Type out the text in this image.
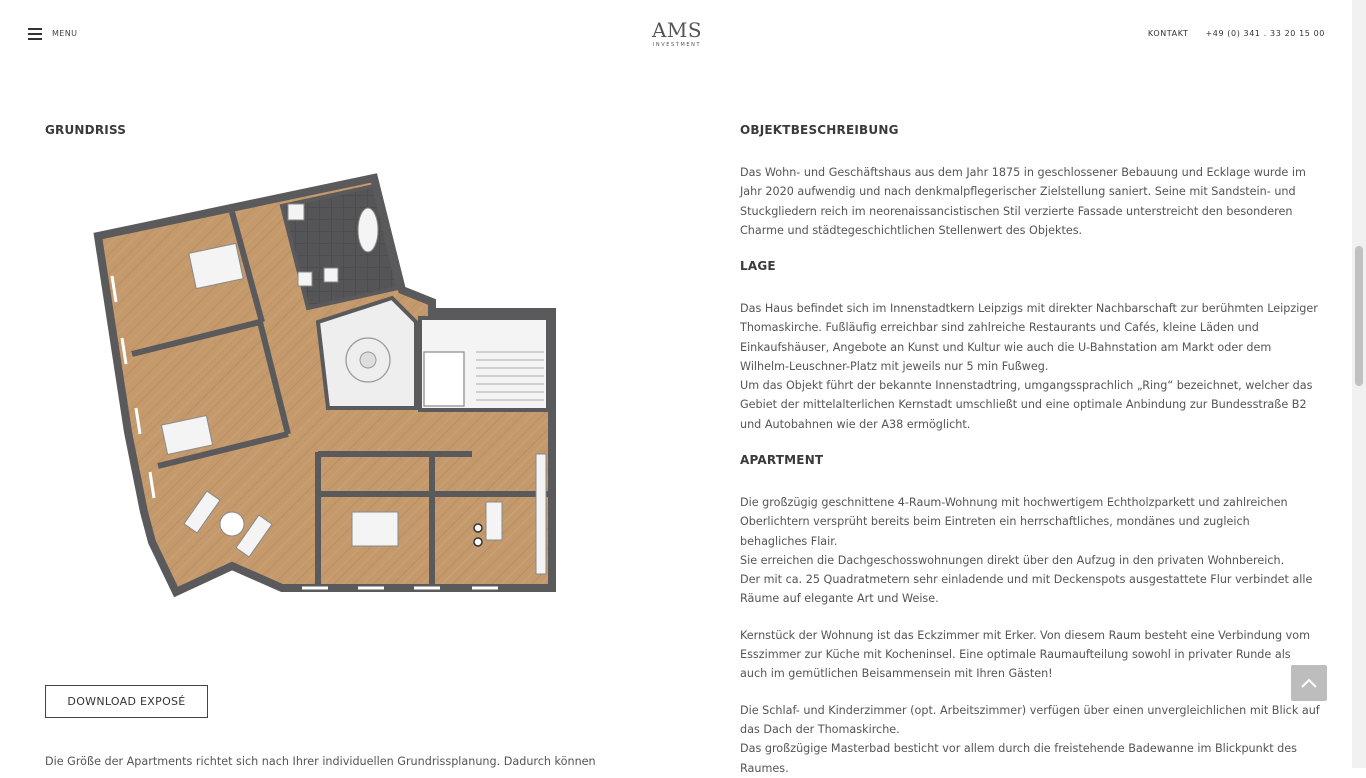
MENU	AMS
INVESTMENT
KONTAKT +49 (0) 341 . 33 20 15 00
GRUNDRISS
DOWNLOAD EXPOSÉ
Die Größe der Apartments richtet sich nach Ihrer individuellen Grundrissplanung. Dadurch können
OBJEKTBESCHREIBUNG

Das Wohn- und Geschäftshaus aus dem Jahr 1875 in geschlossener Bebauung und Ecklage wurde im Jahr 2020 aufwendig und nach denkmalpflegerischer Zielstellung saniert. Seine mit Sandstein- und Stuckgliedern reich im neorenaissancistischen Stil verzierte Fassade unterstreicht den besonderen Charme und städtegeschichtlichen Stellenwert des Objektes.

LAGE

Das Haus befindet sich im Innenstadtkern Leipzigs mit direkter Nachbarschaft zur berühmten Leipziger Thomaskirche. Fußläufig erreichbar sind zahlreiche Restaurants und Cafés, kleine Läden und Einkaufshäuser, Angebote an Kunst und Kultur wie auch die U-Bahnstation am Markt oder dem Wilhelm-Leuschner-Platz mit jeweils nur 5 min Fußweg.

Um das Objekt führt der bekannte Innenstadtring, umgangssprachlich „Ring“ bezeichnet, welcher das Gebiet der mittelalterlichen Kernstadt umschließt und eine optimale Anbindung zur Bundesstraße B2 und Autobahnen wie der A38 ermöglicht.

APARTMENT

Die großzügig geschnittene 4-Raum-Wohnung mit hochwertigem Echtholzparkett und zahlreichen Oberlichtern versprüht bereits beim Eintreten ein herrschaftliches, mondänes und zugleich behagliches Flair.

Sie erreichen die Dachgeschosswohnungen direkt über den Aufzug in den privaten Wohnbereich.

Der mit ca. 25 Quadratmetern sehr einladende und mit Deckenspots ausgestattete Flur verbindet alle Räume auf elegante Art und Weise.

Kernstück der Wohnung ist das Eckzimmer mit Erker. Von diesem Raum besteht eine Verbindung vom Esszimmer zur Küche mit Kocheninsel. Eine optimale Raumaufteilung sowohl in privater Runde als auch im gemütlichen Beisammensein mit Ihren Gästen!

Die Schlaf- und Kinderzimmer (opt. Arbeitszimmer) verfügen über einen unvergleichlichen mit Blick auf das Dach der Thomaskirche.

Das großzügige Masterbad besticht vor allem durch die freistehende Badewanne im Blickpunkt des Raumes.
